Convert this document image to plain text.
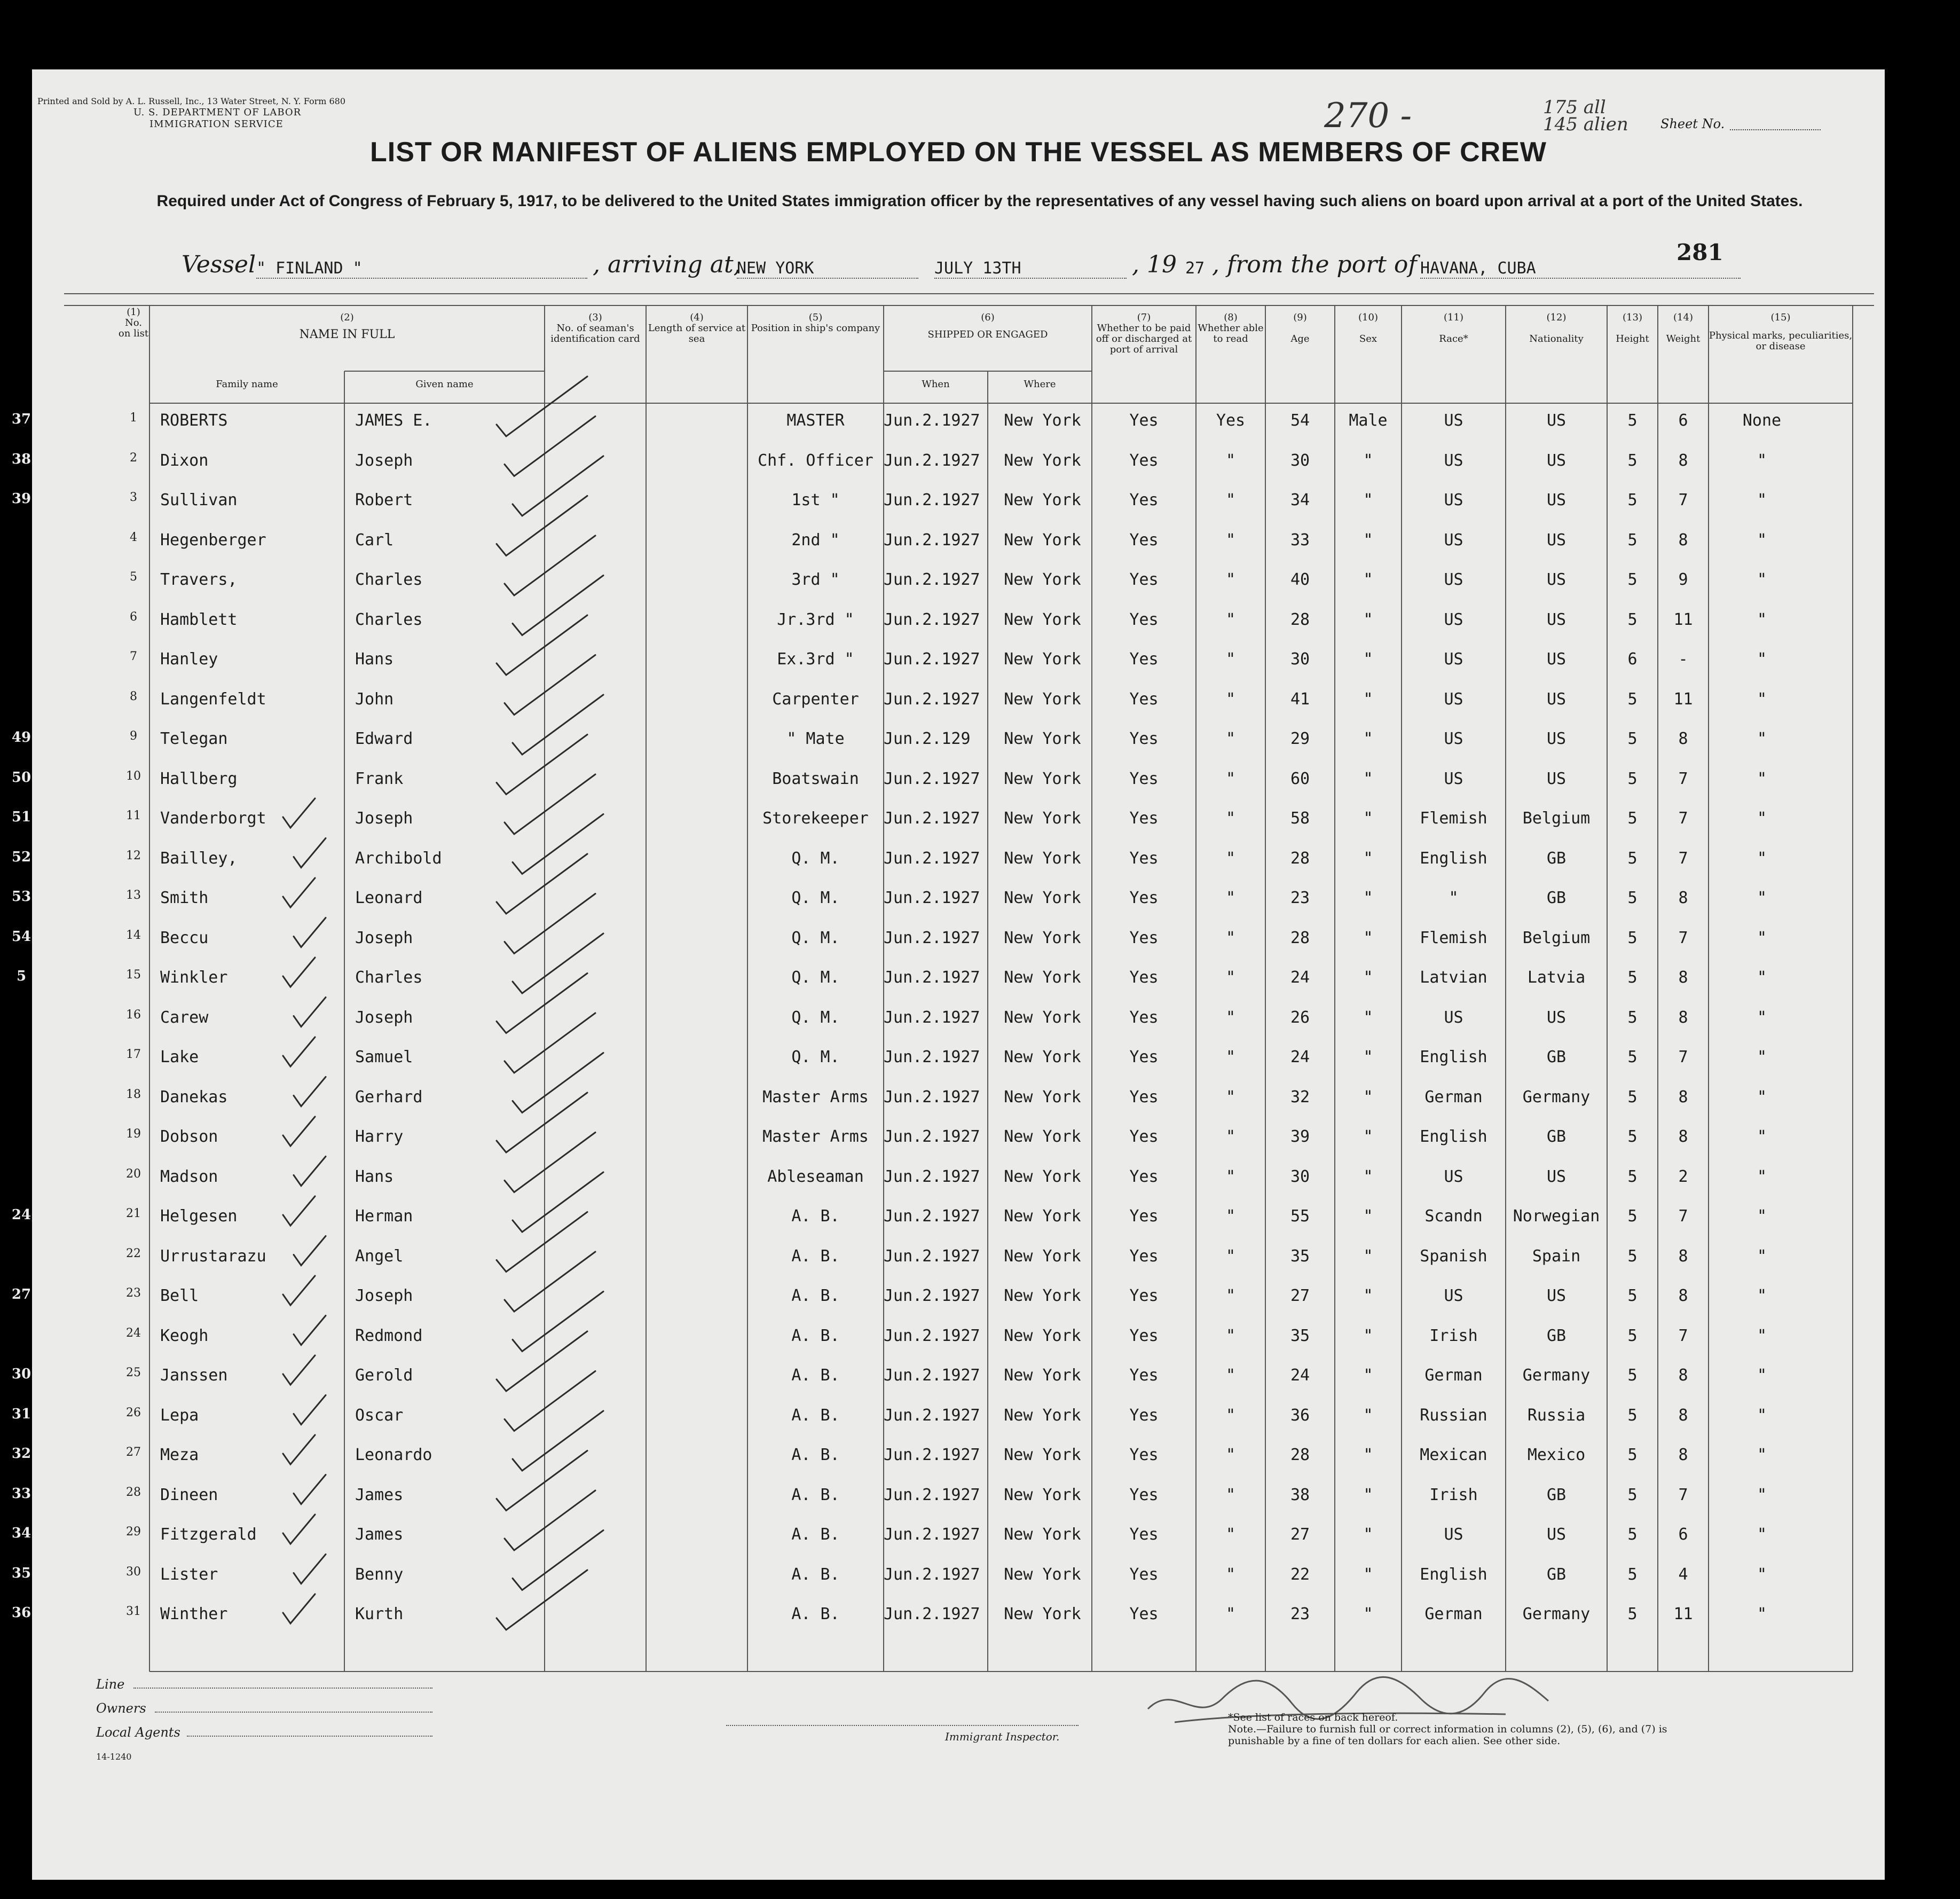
Printed and Sold by A. L. Russell, Inc., 13 Water Street, N. Y. Form 680
U. S. DEPARTMENT OF LABOR
IMMIGRATION SERVICE	270 -	175 all
145 alien	Sheet No.
LIST OR MANIFEST OF ALIENS EMPLOYED ON THE VESSEL AS MEMBERS OF CREW
Required under Act of Congress of February 5, 1917, to be delivered to the United States immigration officer by the representatives of any vessel having such aliens on board upon arrival at a port of the United States.
281
Vessel " FINLAND "	, arriving at,
NEW YORK	JULY 13TH	, 19 27 , from the port of HAVANA, CUBA
(1)
No. on list
(2)
NAME IN FULL
Family name	Given name
(3)
No. of seaman's identification card
(4)
Length of service at sea
(5)
Position in ship's company
(6)
SHIPPED OR ENGAGED
When	Where
(7)
Whether to be paid off or discharged at port of arrival
(8)
Whether able to read
(9)
Age
(10)
Sex
(11)
Race*
(12)
Nationality
(13)
Height
(14)
Weight
(15)
Physical marks, peculiarities, or disease
37	1	ROBERTS	JAMES E.	MASTER	Jun.2.1927	New York	Yes	Yes	54	Male	US	US	5	6	None
38	2	Dixon	Joseph	Chf. Officer Jun.2.1927	New York	Yes	"	30	"	US	US	5	8	"
39	3	Sullivan	Robert	1st "	Jun.2.1927	New York	Yes	"	34	"	US	US	5	7	"
4	Hegenberger	Carl	2nd "	Jun.2.1927	New York	Yes	"	33	"	US	US	5	8	"
5	Travers,	Charles	3rd "	Jun.2.1927	New York	Yes	"	40	"	US	US	5	9	"
6	Hamblett	Charles	Jr.3rd "	Jun.2.1927	New York	Yes	"	28	"	US	US	5	11	"
7	Hanley	Hans	Ex.3rd "	Jun.2.1927	New York	Yes	"	30	"	US	US	6	-	"
8	Langenfeldt	John	Carpenter	Jun.2.1927	New York	Yes	"	41	"	US	US	5	11	"
49	9	Telegan	Edward	" Mate	Jun.2.129	New York	Yes	"	29	"	US	US	5	8	"
50	10	Hallberg	Frank	Boatswain	Jun.2.1927	New York	Yes	"	60	"	US	US	5	7	"
51	11	Vanderborgt	Joseph	Storekeeper Jun.2.1927	New York	Yes	"	58	"	Flemish	Belgium	5	7	"
52	12	Bailley,	Archibold	Q. M.	Jun.2.1927	New York	Yes	"	28	"	English	GB	5	7	"
53	13	Smith	Leonard	Q. M.	Jun.2.1927	New York	Yes	"	23	"	"	GB	5	8	"
54	14	Beccu	Joseph	Q. M.	Jun.2.1927	New York	Yes	"	28	"	Flemish	Belgium	5	7	"
5	15	Winkler	Charles	Q. M.	Jun.2.1927	New York	Yes	"	24	"	Latvian	Latvia	5	8	"
16	Carew	Joseph	Q. M.	Jun.2.1927	New York	Yes	"	26	"	US	US	5	8	"
17	Lake	Samuel	Q. M.	Jun.2.1927	New York	Yes	"	24	"	English	GB	5	7	"
18	Danekas	Gerhard	Master Arms Jun.2.1927	New York	Yes	"	32	"	German	Germany	5	8	"
19	Dobson	Harry	Master Arms Jun.2.1927	New York	Yes	"	39	"	English	GB	5	8	"
20	Madson	Hans	Ableseaman	Jun.2.1927	New York	Yes	"	30	"	US	US	5	2	"
24	21	Helgesen	Herman	A. B.	Jun.2.1927	New York	Yes	"	55	"	Scandn	Norwegian	5	7	"
22	Urrustarazu	Angel	A. B.	Jun.2.1927	New York	Yes	"	35	"	Spanish	Spain	5	8	"
27	23	Bell	Joseph	A. B.	Jun.2.1927	New York	Yes	"	27	"	US	US	5	8	"
24	Keogh	Redmond	A. B.	Jun.2.1927	New York	Yes	"	35	"	Irish	GB	5	7	"
30	25	Janssen	Gerold	A. B.	Jun.2.1927	New York	Yes	"	24	"	German	Germany	5	8	"
31	26	Lepa	Oscar	A. B.	Jun.2.1927	New York	Yes	"	36	"	Russian	Russia	5	8	"
32	27	Meza	Leonardo	A. B.	Jun.2.1927	New York	Yes	"	28	"	Mexican	Mexico	5	8	"
33	28	Dineen	James	A. B.	Jun.2.1927	New York	Yes	"	38	"	Irish	GB	5	7	"
34	29	Fitzgerald	James	A. B.	Jun.2.1927	New York	Yes	"	27	"	US	US	5	6	"
35	30	Lister	Benny	A. B.	Jun.2.1927	New York	Yes	"	22	"	English	GB	5	4	"
36	31	Winther	Kurth	A. B.	Jun.2.1927	New York	Yes	"	23	"	German	Germany	5	11	"
Line
Owners
Local Agents
14-1240
Immigrant Inspector.
*See list of races on back hereof.
Note.—Failure to furnish full or correct information in columns (2), (5), (6), and (7) is punishable by a fine of ten dollars for each alien. See other side.
